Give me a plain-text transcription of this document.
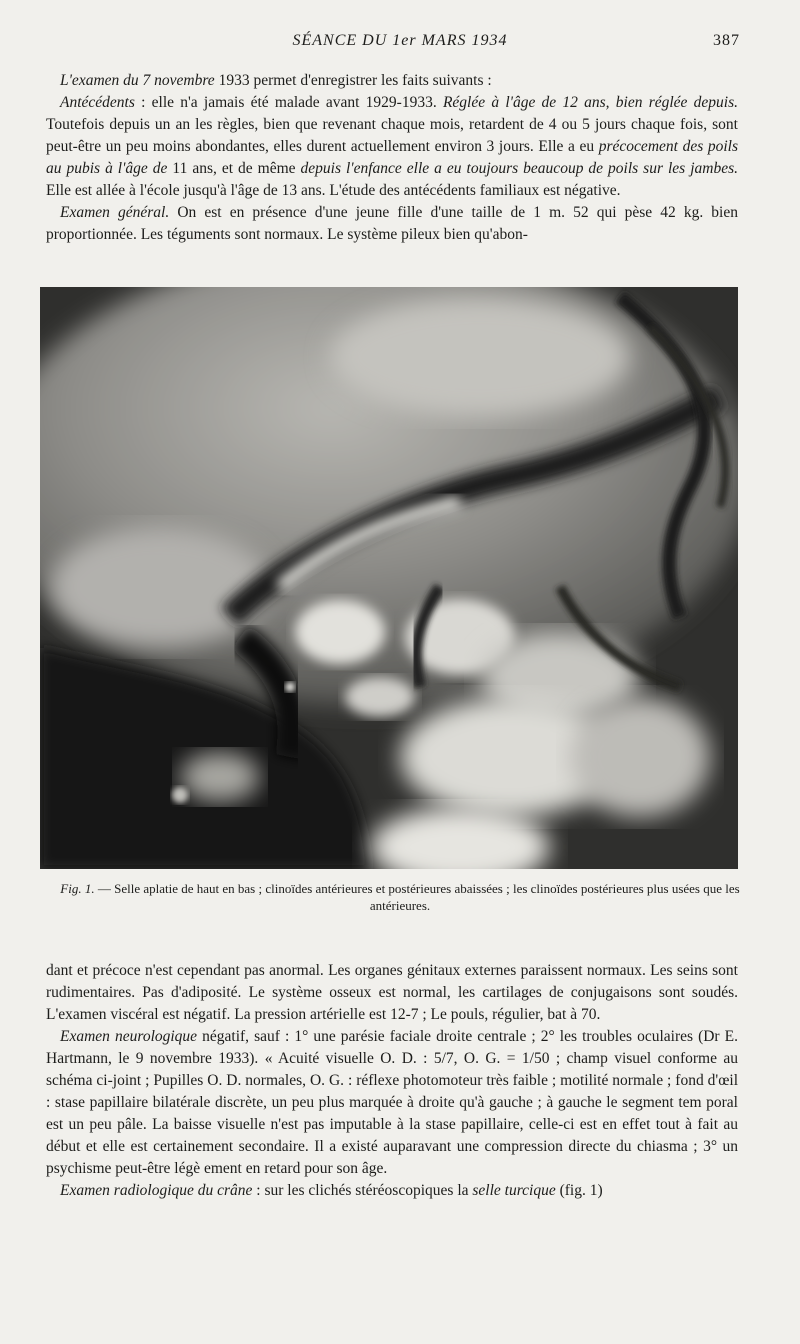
SÉANCE DU 1er MARS 1934	387

L'examen du 7 novembre 1933 permet d'enregistrer les faits suivants :

Antécédents : elle n'a jamais été malade avant 1929-1933. Réglée à l'âge de 12 ans, bien réglée depuis. Toutefois depuis un an les règles, bien que revenant chaque mois, retardent de 4 ou 5 jours chaque fois, sont peut-être un peu moins abondantes, elles durent actuellement environ 3 jours. Elle a eu précocement des poils au pubis à l'âge de 11 ans, et de même depuis l'enfance elle a eu toujours beaucoup de poils sur les jambes. Elle est allée à l'école jusqu'à l'âge de 13 ans. L'étude des antécédents familiaux est négative.

Examen général. On est en présence d'une jeune fille d'une taille de 1 m. 52 qui pèse 42 kg. bien proportionnée. Les téguments sont normaux. Le système pileux bien qu'abon-

Fig. 1. — Selle aplatie de haut en bas ; clinoïdes antérieures et postérieures abaissées ; les clinoïdes postérieures plus usées que les antérieures.

dant et précoce n'est cependant pas anormal. Les organes génitaux externes paraissent normaux. Les seins sont rudimentaires. Pas d'adiposité. Le système osseux est normal, les cartilages de conjugaisons sont soudés. L'examen viscéral est négatif. La pression artérielle est 12-7 ; Le pouls, régulier, bat à 70.

Examen neurologique négatif, sauf : 1° une parésie faciale droite centrale ; 2° les troubles oculaires (Dr E. Hartmann, le 9 novembre 1933). « Acuité visuelle O. D. : 5/7, O. G. = 1/50 ; champ visuel conforme au schéma ci-joint ; Pupilles O. D. normales, O. G. : réflexe photomoteur très faible ; motilité normale ; fond d'œil : stase papillaire bilatérale discrète, un peu plus marquée à droite qu'à gauche ; à gauche le segment tem poral est un peu pâle. La baisse visuelle n'est pas imputable à la stase papillaire, celle-ci est en effet tout à fait au début et elle est certainement secondaire. Il a existé auparavant une compression directe du chiasma ; 3° un psychisme peut-être légè ement en retard pour son âge.

Examen radiologique du crâne : sur les clichés stéréoscopiques la selle turcique (fig. 1)
